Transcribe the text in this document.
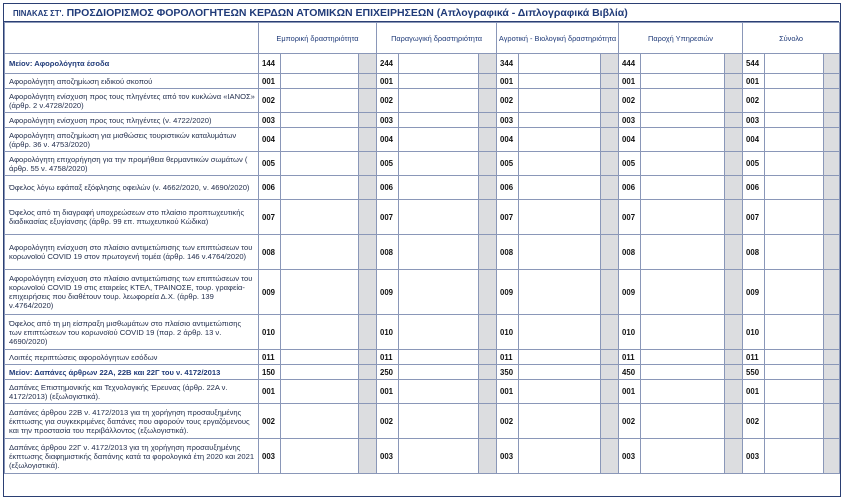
ΠΙΝΑΚΑΣ ΣΤ'. ΠΡΟΣΔΙΟΡΙΣΜΟΣ ΦΟΡΟΛΟΓΗΤΕΩΝ ΚΕΡΔΩΝ ΑΤΟΜΙΚΩΝ ΕΠΙΧΕΙΡΗΣΕΩΝ (Απλογραφικά - Διπλογραφικά Βιβλία)
	Εμπορική δραστηριότητα			Παραγωγική δραστηριότητα			Αγροτική - Βιολογική δραστηριότητα			Παροχή Υπηρεσιών			Σύνολο		
Μείον: Αφορολόγητα έσοδα	144			244			344			444			544		
Αφορολόγητη αποζημίωση ειδικού σκοπού	001			001			001			001			001		
Αφορολόγητη ενίσχυση προς τους πληγέντες από τον κυκλώνα «ΙΑΝΟΣ» (άρθρ. 2 ν.4728/2020)	002			002			002			002			002		
Αφορολόγητη ενίσχυση προς τους πληγέντες (ν. 4722/2020)	003			003			003			003			003		
Αφορολόγητη αποζημίωση για μισθώσεις τουριστικών καταλυμάτων (άρθρ. 36 ν. 4753/2020)	004			004			004			004			004		
Αφορολόγητη επιχορήγηση για την προμήθεια θερμαντικών σωμάτων ( άρθρ. 55 ν. 4758/2020)	005			005			005			005			005		
Όφελος λόγω εφάπαξ εξόφλησης οφειλών (ν. 4662/2020, ν. 4690/2020)	006			006			006			006			006		
Όφελος από τη διαγραφή υποχρεώσεων στο πλαίσιο προπτωχευτικής διαδικασίας εξυγίανσης (άρθρ. 99 επ. πτωχευτικού Κώδικα)	007			007			007			007			007		
Αφορολόγητη ενίσχυση στο πλαίσιο αντιμετώπισης των επιπτώσεων του κορωνοϊού COVID 19 στον πρωτογενή τομέα (άρθρ. 146 ν.4764/2020)	008			008			008			008			008		
Αφορολόγητη ενίσχυση στο πλαίσιο αντιμετώπισης των επιπτώσεων του κορωνοϊού COVID 19 στις εταιρείες ΚΤΕΛ, ΤΡΑΙΝΟΣΕ, τουρ. γραφεία-επιχειρήσεις που διαθέτουν τουρ. λεωφορεία Δ.Χ. (άρθρ. 139 ν.4764/2020)	009			009			009			009			009		
Όφελος από τη μη είσπραξη μισθωμάτων στο πλαίσιο αντιμετώπισης των επιπτώσεων του κορωνοϊού COVID 19 (παρ. 2 άρθρ. 13 ν. 4690/2020)	010			010			010			010			010		
Λοιπές περιπτώσεις αφορολόγητων εσόδων	011			011			011			011			011		
Μείον: Δαπάνες άρθρων 22Α, 22Β και 22Γ του ν. 4172/2013	150			250			350			450			550		
Δαπάνες Επιστημονικής και Τεχνολογικής Έρευνας (άρθρ. 22Α ν. 4172/2013) (εξωλογιστικά).	001			001			001			001			001		
Δαπάνες άρθρου 22Β ν. 4172/2013 για τη χορήγηση προσαυξημένης έκπτωσης για συγκεκριμένες δαπάνες που αφορούν τους εργαζόμενους και την προστασία του περιβάλλοντος (εξωλογιστικά).	002			002			002			002			002		
Δαπάνες άρθρου 22Γ ν. 4172/2013 για τη χορήγηση προσαυξημένης έκπτωσης διαφημιστικής δαπάνης κατά τα φορολογικά έτη 2020 και 2021 (εξωλογιστικά).	003			003			003			003			003		
